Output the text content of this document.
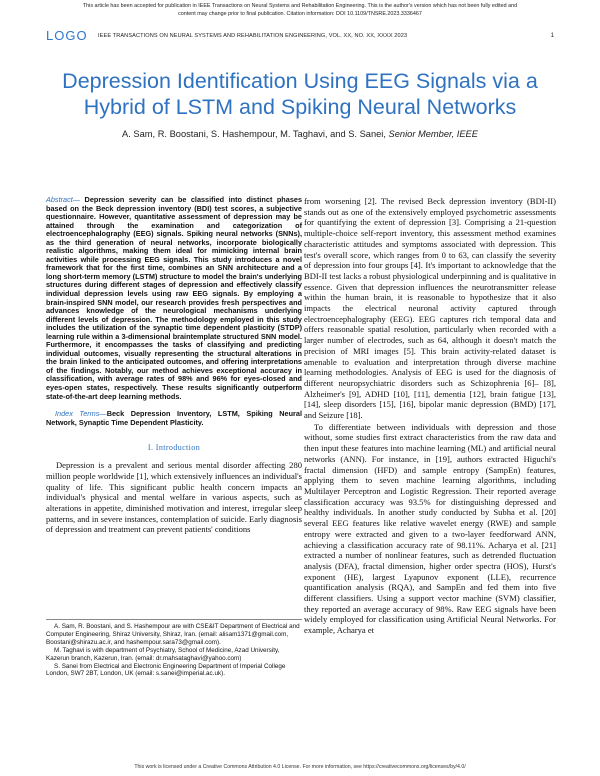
This article has been accepted for publication in IEEE Transactions on Neural Systems and Rehabilitation Engineering. This is the author's version which has not been fully edited and
content may change prior to final publication. Citation information: DOI 10.1109/TNSRE.2023.3336467
LOGO IEEE TRANSACTIONS ON NEURAL SYSTEMS AND REHABILITATION ENGINEERING, VOL. XX, NO. XX, XXXX 2023	1
Depression Identification Using EEG Signals via a Hybrid of LSTM and Spiking Neural Networks
A. Sam, R. Boostani, S. Hashempour, M. Taghavi, and S. Sanei, Senior Member, IEEE

Abstract— Depression severity can be classified into distinct phases based on the Beck depression inventory (BDI) test scores, a subjective questionnaire. However, quantitative assessment of depression may be attained through the examination and categorization of electroencephalography (EEG) signals. Spiking neural networks (SNNs), as the third generation of neural networks, incorporate biologically realistic algorithms, making them ideal for mimicking internal brain activities while processing EEG signals. This study introduces a novel framework that for the first time, combines an SNN architecture and a long short-term memory (LSTM) structure to model the brain's underlying structures during different stages of depression and effectively classify individual depression levels using raw EEG signals. By employing a brain-inspired SNN model, our research provides fresh perspectives and advances knowledge of the neurological mechanisms underlying different levels of depression. The methodology employed in this study includes the utilization of the synaptic time dependent plasticity (STDP) learning rule within a 3-dimensional braintemplate structured SNN model. Furthermore, it encompasses the tasks of classifying and predicting individual outcomes, visually representing the structural alterations in the brain linked to the anticipated outcomes, and offering interpretations of the findings. Notably, our method achieves exceptional accuracy in classification, with average rates of 98% and 96% for eyes-closed and eyes-open states, respectively. These results significantly outperform state-of-the-art deep learning methods.

Index Terms—Beck Depression Inventory, LSTM, Spiking Neural Network, Synaptic Time Dependent Plasticity.

I. Introduction

Depression is a prevalent and serious mental disorder affecting 280 million people worldwide [1], which extensively influences an individual's quality of life. This significant public health concern impacts an individual's physical and mental welfare in various aspects, such as alterations in appetite, diminished motivation and interest, irregular sleep patterns, and in severe instances, contemplation of suicide. Early diagnosis of depression and treatment can prevent patients' conditions

A. Sam, R. Boostani, and S. Hashempour are with CSE&IT Department of Electrical and Computer Engineering, Shiraz University, Shiraz, Iran. (email: alisam1371@gmail.com, Boostani@shirazu.ac.ir, and hashempour.sara73@gmail.com).

M. Taghavi is with department of Psychiatry, School of Medicine, Azad University, Kazerun branch, Kazerun, Iran. (email: dr.mahsataghavi@yahoo.com)

S. Sanei from Electrical and Electronic Engineering Department of Imperial College London, SW7 2BT, London, UK (email: s.sanei@imperial.ac.uk).

from worsening [2]. The revised Beck depression inventory (BDI-II) stands out as one of the extensively employed psychometric assessments for quantifying the extent of depression [3]. Comprising a 21-question multiple-choice self-report inventory, this assessment method examines characteristic attitudes and symptoms associated with depression. This test's overall score, which ranges from 0 to 63, can classify the severity of depression into four groups [4]. It's important to acknowledge that the BDI-II test lacks a robust physiological underpinning and is qualitative in essence. Given that depression influences the neurotransmitter release within the human brain, it is reasonable to hypothesize that it also impacts the electrical neuronal activity captured through electroencephalography (EEG). EEG captures rich temporal data and offers reasonable spatial resolution, particularly when recorded with a larger number of electrodes, such as 64, although it doesn't match the precision of MRI images [5]. This brain activity-related dataset is amenable to evaluation and interpretation through diverse machine learning methodologies. Analysis of EEG is used for the diagnosis of different neuropsychiatric disorders such as Schizophrenia [6]– [8], Alzheimer's [9], ADHD [10], [11], dementia [12], brain fatigue [13], [14], sleep disorders [15], [16], bipolar manic depression (BMD) [17], and Seizure [18].

To differentiate between individuals with depression and those without, some studies first extract characteristics from the raw data and then input these features into machine learning (ML) and artificial neural networks (ANN). For instance, in [19], authors extracted Higuchi's fractal dimension (HFD) and sample entropy (SampEn) features, applying them to seven machine learning algorithms, including Multilayer Perceptron and Logistic Regression. Their reported average classification accuracy was 93.5% for distinguishing depressed and healthy individuals. In another study conducted by Subha et al. [20] several EEG features like relative wavelet energy (RWE) and sample entropy were extracted and given to a two-layer feedforward ANN, achieving a classification accuracy rate of 98.11%. Acharya et al. [21] extracted a number of nonlinear features, such as detrended fluctuation analysis (DFA), fractal dimension, higher order spectra (HOS), Hurst's exponent (HE), largest Lyapunov exponent (LLE), recurrence quantification analysis (RQA), and SampEn and fed them into five different classifiers. Using a support vector machine (SVM) classifier, they reported an average accuracy of 98%. Raw EEG signals have been widely employed for classification using Artificial Neural Networks. For example, Acharya et

This work is licensed under a Creative Commons Attribution 4.0 License. For more information, see https://creativecommons.org/licenses/by/4.0/
